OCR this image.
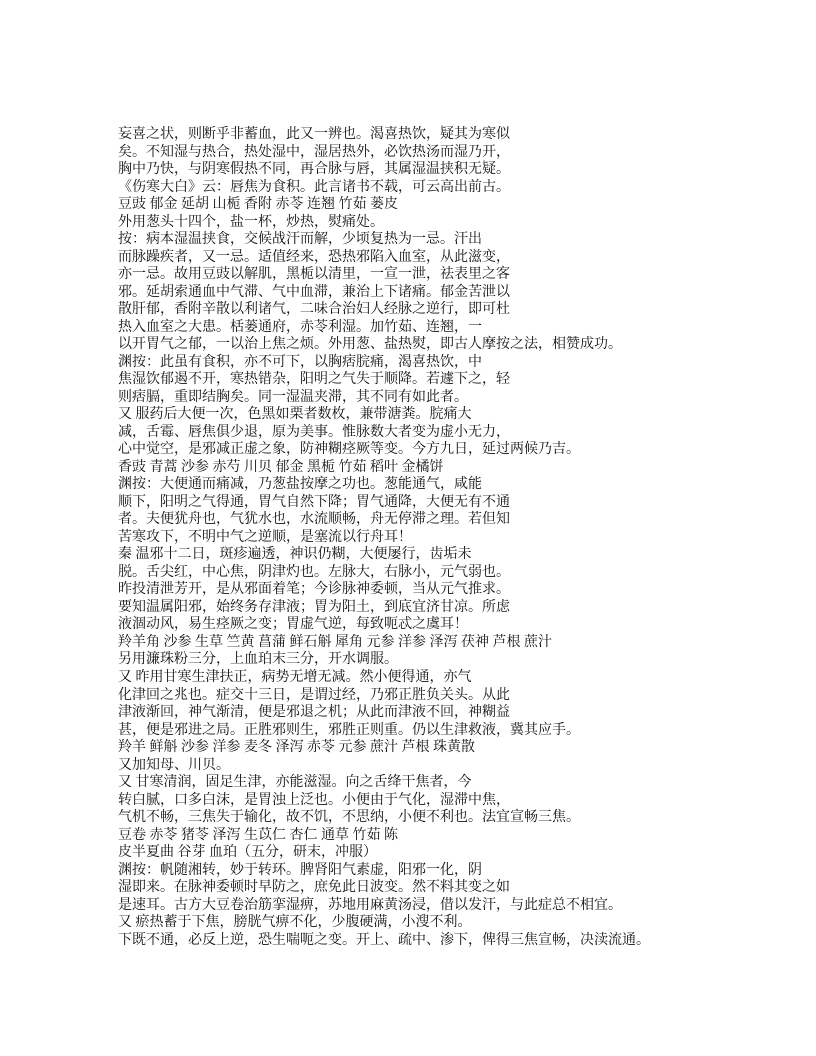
妄喜之状，则断乎非蓄血，此又一辨也。渴喜热饮，疑其为寒似
矣。不知湿与热合，热处湿中，湿居热外，必饮热汤而湿乃开，
胸中乃快，与阴寒假热不同，再合脉与唇，其属湿温挟积无疑。
《伤寒大白》云：唇焦为食积。此言诸书不载，可云高出前古。
豆豉 郁金 延胡 山栀 香附 赤苓 连翘 竹茹 蒌皮
外用葱头十四个，盐一杯，炒热，熨痛处。
按：病本湿温挟食，交候战汗而解，少顷复热为一忌。汗出
而脉躁疾者，又一忌。适值经来，恐热邪陷入血室，从此滋变，
亦一忌。故用豆豉以解肌，黑栀以清里，一宣一泄，祛表里之客
邪。延胡索通血中气滞、气中血滞，兼治上下诸痛。郁金苦泄以
散肝郁，香附辛散以利诸气，二味合治妇人经脉之逆行，即可杜
热入血室之大患。栝蒌通府，赤苓利湿。加竹茹、连翘，一
以开胃气之郁，一以治上焦之烦。外用葱、盐热熨，即古人摩按之法，相赞成功。
渊按：此虽有食积，亦不可下，以胸痞脘痛，渴喜热饮，中
焦湿饮郁遏不开，寒热错杂，阳明之气失于顺降。若遽下之，轻
则痞膈，重即结胸矣。同一湿温夹滞，其不同有如此者。
又 服药后大便一次，色黑如栗者数枚，兼带溏粪。脘痛大
减，舌霉、唇焦俱少退，原为美事。惟脉数大者变为虚小无力，
心中觉空，是邪减正虚之象，防神糊痉厥等变。今方九日，延过两候乃吉。
香豉 青蒿 沙参 赤芍 川贝 郁金 黑栀 竹茹 稻叶 金橘饼
渊按：大便通而痛减，乃葱盐按摩之功也。葱能通气，咸能
顺下，阳明之气得通，胃气自然下降；胃气通降，大便无有不通
者。夫便犹舟也，气犹水也，水流顺畅，舟无停滞之理。若但知
苦寒攻下，不明中气之逆顺，是塞流以行舟耳！
秦 温邪十二日，斑疹遍透，神识仍糊，大便屡行，齿垢未
脱。舌尖红，中心焦，阴津灼也。左脉大，右脉小，元气弱也。
昨投清泄芳开，是从邪面着笔；今诊脉神委顿，当从元气推求。
要知温属阳邪，始终务存津液；胃为阳土，到底宜济甘凉。所虑
液涸动风，易生痉厥之变；胃虚气逆，每致呃忒之虞耳！
羚羊角 沙参 生草 竺黄 菖蒲 鲜石斛 犀角 元参 洋参 泽泻 茯神 芦根 蔗汁
另用濂珠粉三分，上血珀末三分，开水调服。
又 昨用甘寒生津扶正，病势无增无减。然小便得通，亦气
化津回之兆也。症交十三日，是谓过经，乃邪正胜负关头。从此
津液渐回，神气渐清，便是邪退之机；从此而津液不回，神糊益
甚，便是邪进之局。正胜邪则生，邪胜正则重。仍以生津救液，冀其应手。
羚羊 鲜斛 沙参 洋参 麦冬 泽泻 赤苓 元参 蔗汁 芦根 珠黄散
又加知母、川贝。
又 甘寒清润，固足生津，亦能滋湿。向之舌绛干焦者，今
转白腻，口多白沫，是胃浊上泛也。小便由于气化，湿滞中焦，
气机不畅，三焦失于输化，故不饥，不思纳，小便不利也。法宜宣畅三焦。
豆卷 赤苓 猪苓 泽泻 生苡仁 杏仁 通草 竹茹 陈
皮半夏曲 谷芽 血珀（五分，研末，冲服）
渊按：帆随湘转，妙于转环。脾肾阳气素虚，阳邪一化，阴
湿即来。在脉神委顿时早防之，庶免此日波变。然不料其变之如
是速耳。古方大豆卷治筋挛湿痹，苏地用麻黄汤浸，借以发汗，与此症总不相宜。
又 瘀热蓄于下焦，膀胱气痹不化，少腹硬满，小溲不利。
下既不通，必反上逆，恐生喘呃之变。开上、疏中、渗下，俾得三焦宣畅，决渎流通。
